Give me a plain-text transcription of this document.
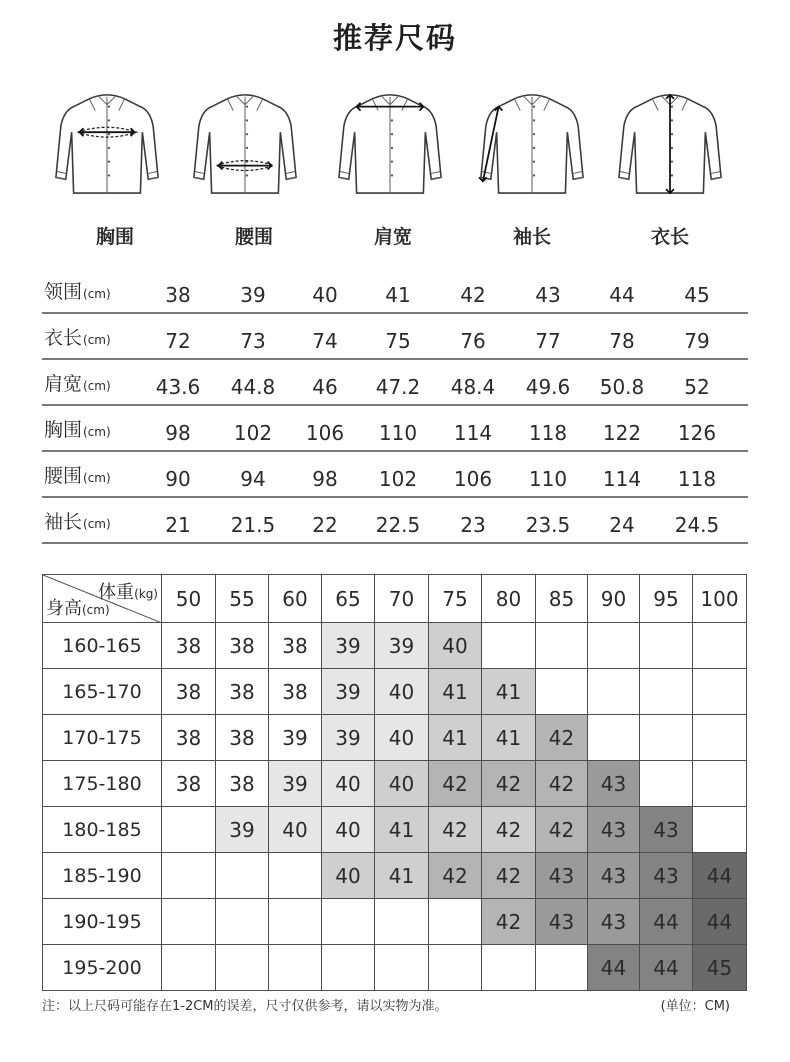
推荐尺码
胸围	腰围	肩宽	袖长	衣长
领围(cm)	38	39	40	41	42	43	44	45
衣长(cm)	72	73	74	75	76	77	78	79
肩宽(cm)	43.6	44.8	46	47.2	48.4	49.6	50.8	52
胸围(cm)	98	102	106	110	114	118	122	126
腰围(cm)	90	94	98	102	106	110	114	118
袖长(cm)	21	21.5	22	22.5	23	23.5	24	24.5
体重(kg)
身高(cm)	50	55	60	65	70	75	80	85	90	95	100
160-165	38	38	38	39	39	40					
165-170	38	38	38	39	40	41	41				
170-175	38	38	39	39	40	41	41	42			
175-180	38	38	39	40	40	42	42	42	43		
180-185		39	40	40	41	42	42	42	43	43	
185-190				40	41	42	42	43	43	43	44
190-195							42	43	43	44	44
195-200									44	44	45
注：以上尺码可能存在1-2CM的误差，尺寸仅供参考，请以实物为准。	(单位：CM)
